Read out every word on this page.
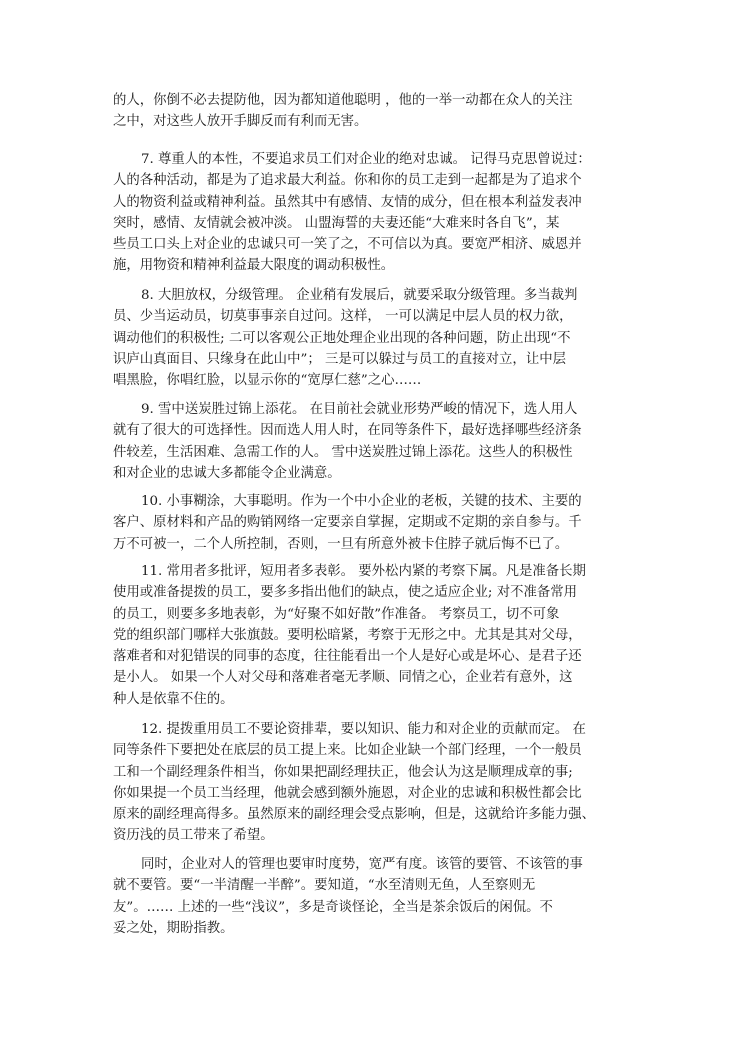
的人，你倒不必去提防他，因为都知道他聪明 ，他的一举一动都在众人的关注
之中，对这些人放开手脚反而有利而无害。
7. 尊重人的本性，不要追求员工们对企业的绝对忠诚。 记得马克思曾说过：
人的各种活动，都是为了追求最大利益。你和你的员工走到一起都是为了追求个
人的物资利益或精神利益。虽然其中有感情、友情的成分，但在根本利益发表冲
突时，感情、友情就会被冲淡。 山盟海誓的夫妻还能“大难来时各自飞”，某
些员工口头上对企业的忠诚只可一笑了之，不可信以为真。要宽严相济、威恩并
施，用物资和精神利益最大限度的调动积极性。
8. 大胆放权，分级管理。 企业稍有发展后，就要采取分级管理。多当裁判
员、少当运动员，切莫事事亲自过问。这样， 一可以满足中层人员的权力欲，
调动他们的积极性; 二可以客观公正地处理企业出现的各种问题，防止出现“不
识庐山真面目、只缘身在此山中”； 三是可以躲过与员工的直接对立，让中层
唱黑脸，你唱红脸，以显示你的“宽厚仁慈”之心……
9. 雪中送炭胜过锦上添花。 在目前社会就业形势严峻的情况下，选人用人
就有了很大的可选择性。因而选人用人时，在同等条件下，最好选择哪些经济条
件较差，生活困难、急需工作的人。 雪中送炭胜过锦上添花。这些人的积极性
和对企业的忠诚大多都能令企业满意。
10. 小事糊涂，大事聪明。作为一个中小企业的老板，关键的技术、主要的
客户、原材料和产品的购销网络一定要亲自掌握，定期或不定期的亲自参与。千
万不可被一，二个人所控制，否则，一旦有所意外被卡住脖子就后悔不已了。
11. 常用者多批评，短用者多表彰。 要外松内紧的考察下属。凡是准备长期
使用或准备提拨的员工，要多多指出他们的缺点，使之适应企业; 对不准备常用
的员工，则要多多地表彰，为“好聚不如好散”作准备。 考察员工，切不可象
党的组织部门哪样大张旗鼓。要明松暗紧，考察于无形之中。尤其是其对父母，
落难者和对犯错误的同事的态度，往往能看出一个人是好心或是坏心、是君子还
是小人。 如果一个人对父母和落难者毫无孝顺、同情之心，企业若有意外，这
种人是依靠不住的。
12. 提拨重用员工不要论资排辈，要以知识、能力和对企业的贡献而定。 在
同等条件下要把处在底层的员工提上来。比如企业缺一个部门经理，一个一般员
工和一个副经理条件相当，你如果把副经理扶正，他会认为这是顺理成章的事;
你如果提一个员工当经理，他就会感到额外施恩，对企业的忠诚和积极性都会比
原来的副经理高得多。虽然原来的副经理会受点影响，但是，这就给许多能力强、
资历浅的员工带来了希望。
同时，企业对人的管理也要审时度势，宽严有度。该管的要管、不该管的事
就不要管。要“一半清醒一半醉”。要知道，“水至清则无鱼，人至察则无
友”。…… 上述的一些“浅议”，多是奇谈怪论，全当是茶余饭后的闲侃。不
妥之处，期盼指教。
